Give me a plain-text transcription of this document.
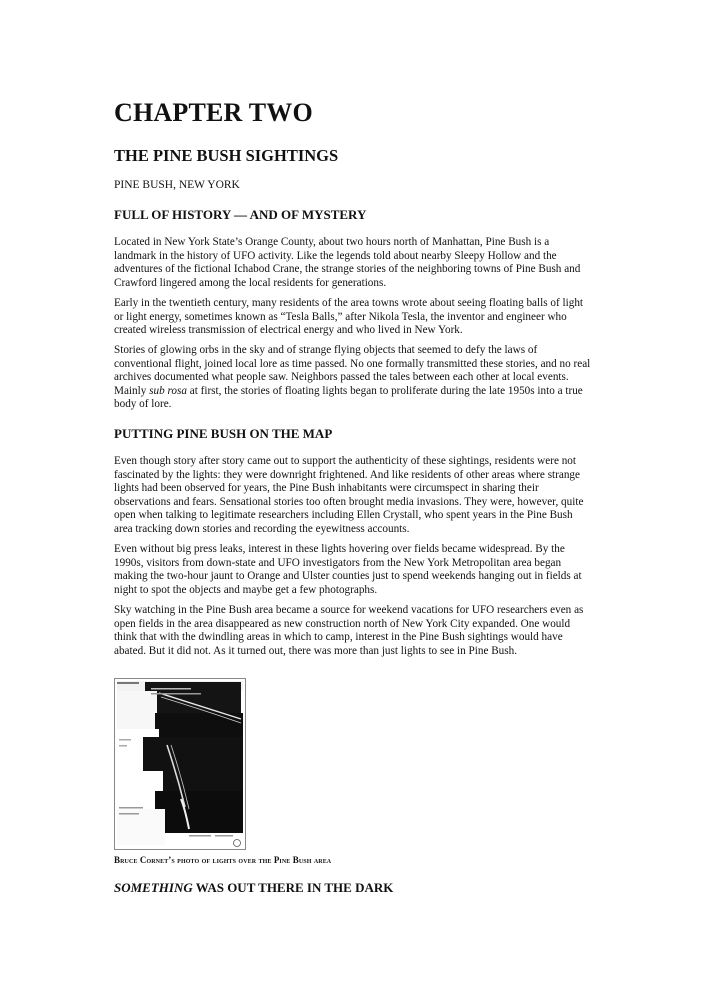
CHAPTER TWO
THE PINE BUSH SIGHTINGS

PINE BUSH, NEW YORK

FULL OF HISTORY — AND OF MYSTERY

Located in New York State’s Orange County, about two hours north of Manhattan, Pine Bush is a landmark in the history of UFO activity. Like the legends told about nearby Sleepy Hollow and the adventures of the fictional Ichabod Crane, the strange stories of the neighboring towns of Pine Bush and Crawford lingered among the local residents for generations.

Early in the twentieth century, many residents of the area towns wrote about seeing floating balls of light or light energy, sometimes known as “Tesla Balls,” after Nikola Tesla, the inventor and engineer who created wireless transmission of electrical energy and who lived in New York.

Stories of glowing orbs in the sky and of strange flying objects that seemed to defy the laws of conventional flight, joined local lore as time passed. No one formally transmitted these stories, and no real archives documented what people saw. Neighbors passed the tales between each other at local events. Mainly sub rosa at first, the stories of floating lights began to proliferate during the late 1950s into a true body of lore.

PUTTING PINE BUSH ON THE MAP

Even though story after story came out to support the authenticity of these sightings, residents were not fascinated by the lights: they were downright frightened. And like residents of other areas where strange lights had been observed for years, the Pine Bush inhabitants were circumspect in sharing their observations and fears. Sensational stories too often brought media invasions. They were, however, quite open when talking to legitimate researchers including Ellen Crystall, who spent years in the Pine Bush area tracking down stories and recording the eyewitness accounts.

Even without big press leaks, interest in these lights hovering over fields became widespread. By the 1990s, visitors from down-state and UFO investigators from the New York Metropolitan area began making the two-hour jaunt to Orange and Ulster counties just to spend weekends hanging out in fields at night to spot the objects and maybe get a few photographs.

Sky watching in the Pine Bush area became a source for weekend vacations for UFO researchers even as open fields in the area disappeared as new construction north of New York City expanded. One would think that with the dwindling areas in which to camp, interest in the Pine Bush sightings would have abated. But it did not. As it turned out, there was more than just lights to see in Pine Bush.

Bruce Cornet’s photo of lights over the Pine Bush area

SOMETHING WAS OUT THERE IN THE DARK
